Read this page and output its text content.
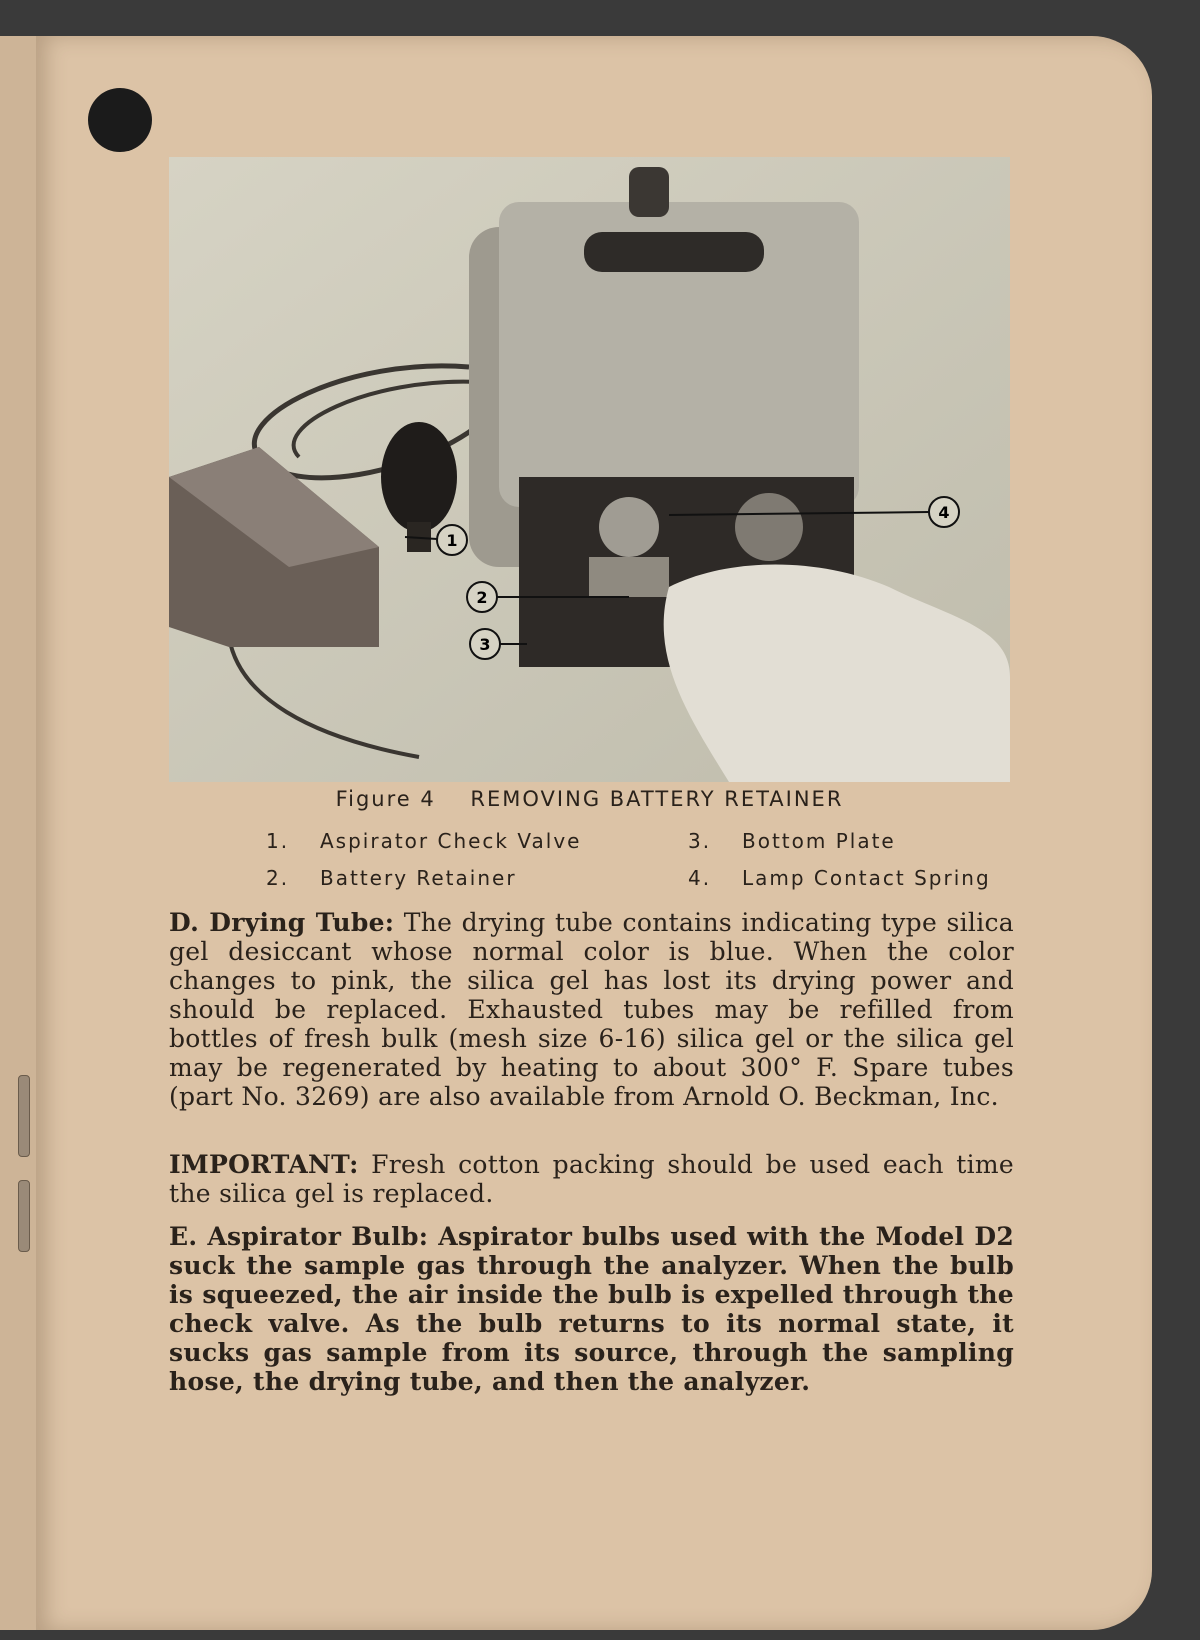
1
2
3
4
Figure 4 REMOVING BATTERY RETAINER
1. Aspirator Check Valve
2. Battery Retainer
3. Bottom Plate
4. Lamp Contact Spring
D. Drying Tube: The drying tube contains indicating type silica gel desiccant whose normal color is blue. When the color changes to pink, the silica gel has lost its drying power and should be replaced. Exhausted tubes may be refilled from bottles of fresh bulk (mesh size 6-16) silica gel or the silica gel may be regenerated by heating to about 300° F. Spare tubes (part No. 3269) are also available from Arnold O. Beckman, Inc.
IMPORTANT: Fresh cotton packing should be used each time the silica gel is replaced.
E. Aspirator Bulb: Aspirator bulbs used with the Model D2 suck the sample gas through the analyzer. When the bulb is squeezed, the air inside the bulb is expelled through the check valve. As the bulb returns to its normal state, it sucks gas sample from its source, through the sampling hose, the drying tube, and then the analyzer.
